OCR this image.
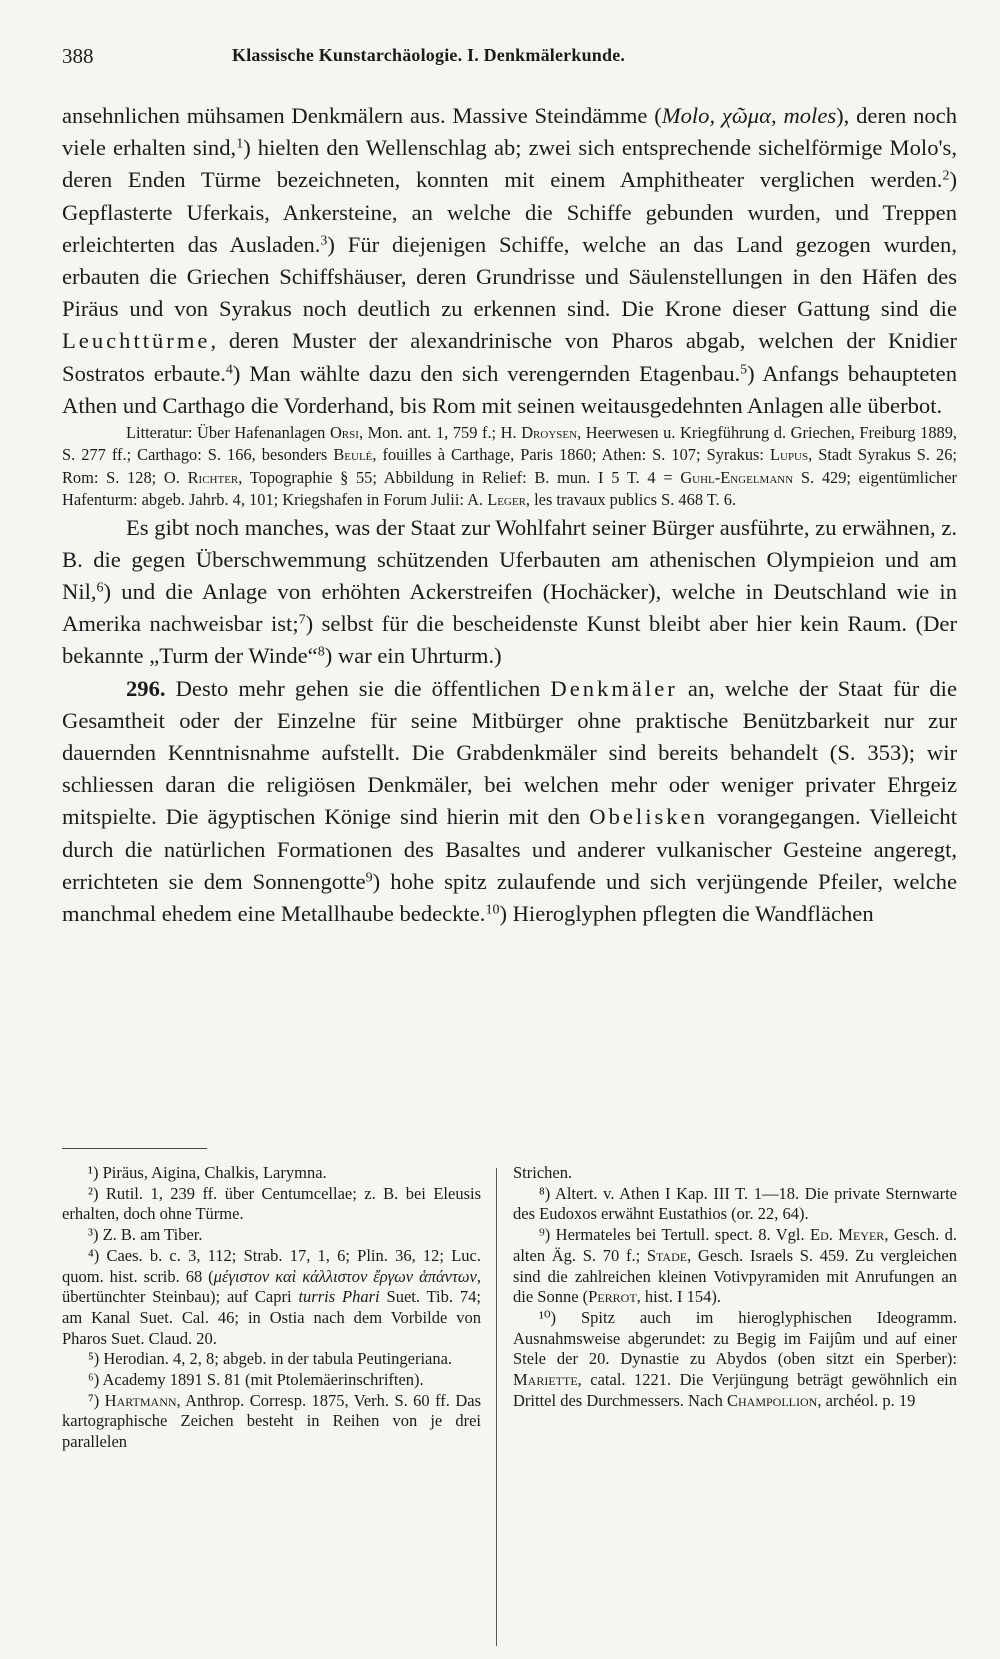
388	Klassische Kunstarchäologie. I. Denkmälerkunde.

ansehnlichen mühsamen Denkmälern aus. Massive Steindämme (Molo, χῶμα, moles), deren noch viele erhalten sind,$^1$) hielten den Wellenschlag ab; zwei sich entsprechende sichelförmige Molo's, deren Enden Türme bezeichneten, konnten mit einem Amphitheater verglichen werden.$^2$) Gepflasterte Uferkais, Ankersteine, an welche die Schiffe gebunden wurden, und Treppen erleichterten das Ausladen.$^3$) Für diejenigen Schiffe, welche an das Land gezogen wurden, erbauten die Griechen Schiffshäuser, deren Grundrisse und Säulenstellungen in den Häfen des Piräus und von Syrakus noch deutlich zu erkennen sind. Die Krone dieser Gattung sind die Leuchttürme, deren Muster der alexandrinische von Pharos abgab, welchen der Knidier Sostratos erbaute.$^4$) Man wählte dazu den sich verengernden Etagenbau.$^5$) Anfangs behaupteten Athen und Carthago die Vorderhand, bis Rom mit seinen weitausgedehnten Anlagen alle überbot.

Litteratur: Über Hafenanlagen Orsi, Mon. ant. 1, 759 f.; H. Droysen, Heerwesen u. Kriegführung d. Griechen, Freiburg 1889, S. 277 ff.; Carthago: S. 166, besonders Beulé, fouilles à Carthage, Paris 1860; Athen: S. 107; Syrakus: Lupus, Stadt Syrakus S. 26; Rom: S. 128; O. Richter, Topographie § 55; Abbildung in Relief: B. mun. I 5 T. 4 = Guhl-Engelmann S. 429; eigentümlicher Hafenturm: abgeb. Jahrb. 4, 101; Kriegshafen in Forum Julii: A. Leger, les travaux publics S. 468 T. 6.

Es gibt noch manches, was der Staat zur Wohlfahrt seiner Bürger ausführte, zu erwähnen, z. B. die gegen Überschwemmung schützenden Uferbauten am athenischen Olympieion und am Nil,$^6$) und die Anlage von erhöhten Ackerstreifen (Hochäcker), welche in Deutschland wie in Amerika nachweisbar ist;$^7$) selbst für die bescheidenste Kunst bleibt aber hier kein Raum. (Der bekannte „Turm der Winde“$^8$) war ein Uhrturm.)

296. Desto mehr gehen sie die öffentlichen Denkmäler an, welche der Staat für die Gesamtheit oder der Einzelne für seine Mitbürger ohne praktische Benützbarkeit nur zur dauernden Kenntnisnahme aufstellt. Die Grabdenkmäler sind bereits behandelt (S. 353); wir schliessen daran die religiösen Denkmäler, bei welchen mehr oder weniger privater Ehrgeiz mitspielte. Die ägyptischen Könige sind hierin mit den Obelisken vorangegangen. Vielleicht durch die natürlichen Formationen des Basaltes und anderer vulkanischer Gesteine angeregt, errichteten sie dem Sonnengotte$^9$) hohe spitz zulaufende und sich verjüngende Pfeiler, welche manchmal ehedem eine Metallhaube bedeckte.$^{10}$) Hieroglyphen pflegten die Wandflächen

¹) Piräus, Aigina, Chalkis, Larymna.

²) Rutil. 1, 239 ff. über Centumcellae; z. B. bei Eleusis erhalten, doch ohne Türme.

³) Z. B. am Tiber.

⁴) Caes. b. c. 3, 112; Strab. 17, 1, 6; Plin. 36, 12; Luc. quom. hist. scrib. 68 (μέγιστον καὶ κάλλιστον ἔργων ἁπάντων, übertünchter Steinbau); auf Capri turris Phari Suet. Tib. 74; am Kanal Suet. Cal. 46; in Ostia nach dem Vorbilde von Pharos Suet. Claud. 20.

⁵) Herodian. 4, 2, 8; abgeb. in der tabula Peutingeriana.

⁶) Academy 1891 S. 81 (mit Ptolemäerinschriften).

⁷) Hartmann, Anthrop. Corresp. 1875, Verh. S. 60 ff. Das kartographische Zeichen besteht in Reihen von je drei parallelen

Strichen.

⁸) Altert. v. Athen I Kap. III T. 1—18. Die private Sternwarte des Eudoxos erwähnt Eustathios (or. 22, 64).

⁹) Hermateles bei Tertull. spect. 8. Vgl. Ed. Meyer, Gesch. d. alten Äg. S. 70 f.; Stade, Gesch. Israels S. 459. Zu vergleichen sind die zahlreichen kleinen Votivpyramiden mit Anrufungen an die Sonne (Perrot, hist. I 154).

¹⁰) Spitz auch im hieroglyphischen Ideogramm. Ausnahmsweise abgerundet: zu Begig im Faijûm und auf einer Stele der 20. Dynastie zu Abydos (oben sitzt ein Sperber): Mariette, catal. 1221. Die Verjüngung beträgt gewöhnlich ein Drittel des Durchmessers. Nach Champollion, archéol. p. 19
